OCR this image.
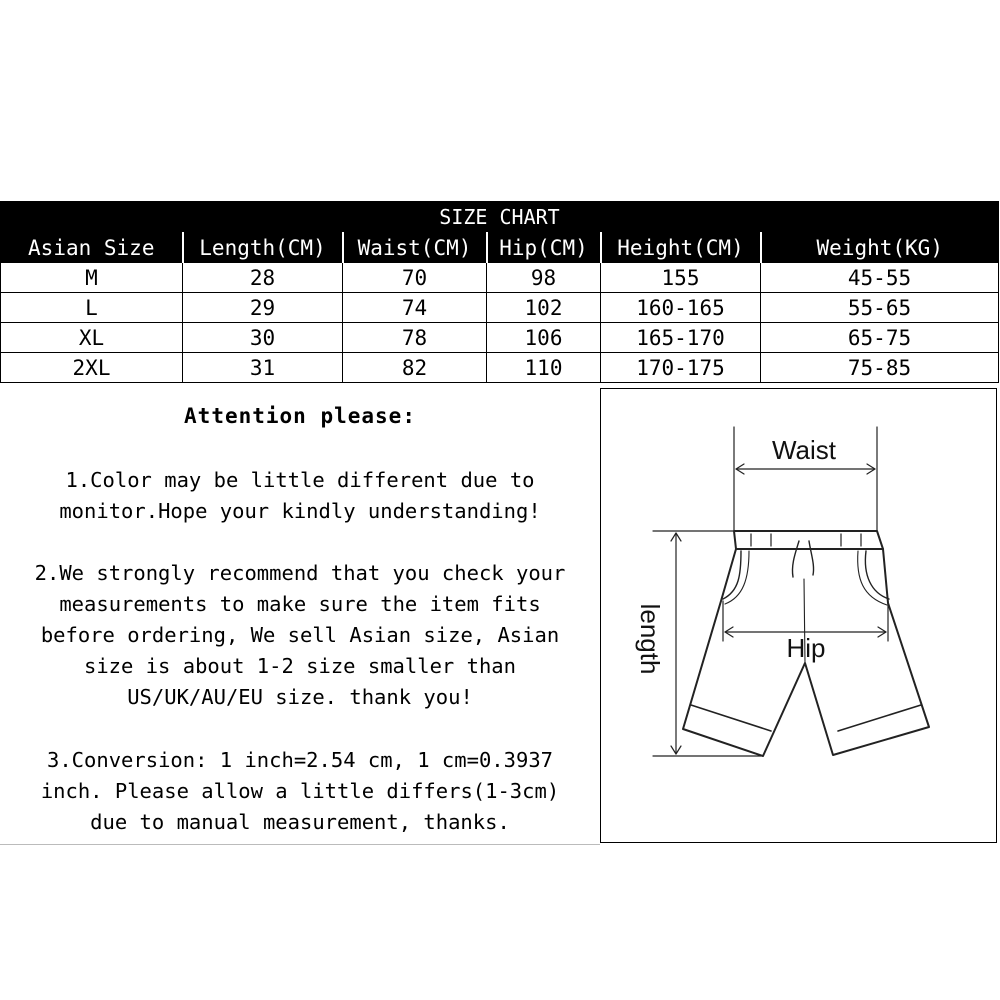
SIZE CHART					
Asian Size	Length(CM)	Waist(CM)	Hip(CM)	Height(CM)	Weight(KG)
M	28	70	98	155	45-55
L	29	74	102	160-165	55-65
XL	30	78	106	165-170	65-75
2XL	31	82	110	170-175	75-85
Attention please:
1.Color may be little different due to
monitor.Hope your kindly understanding!
2.We strongly recommend that you check your
measurements to make sure the item fits
before ordering, We sell Asian size, Asian
size is about 1-2 size smaller than
US/UK/AU/EU size. thank you!
3.Conversion: 1 inch=2.54 cm, 1 cm=0.3937
inch. Please allow a little differs(1-3cm)
due to manual measurement, thanks.
Waist
Hip
length
